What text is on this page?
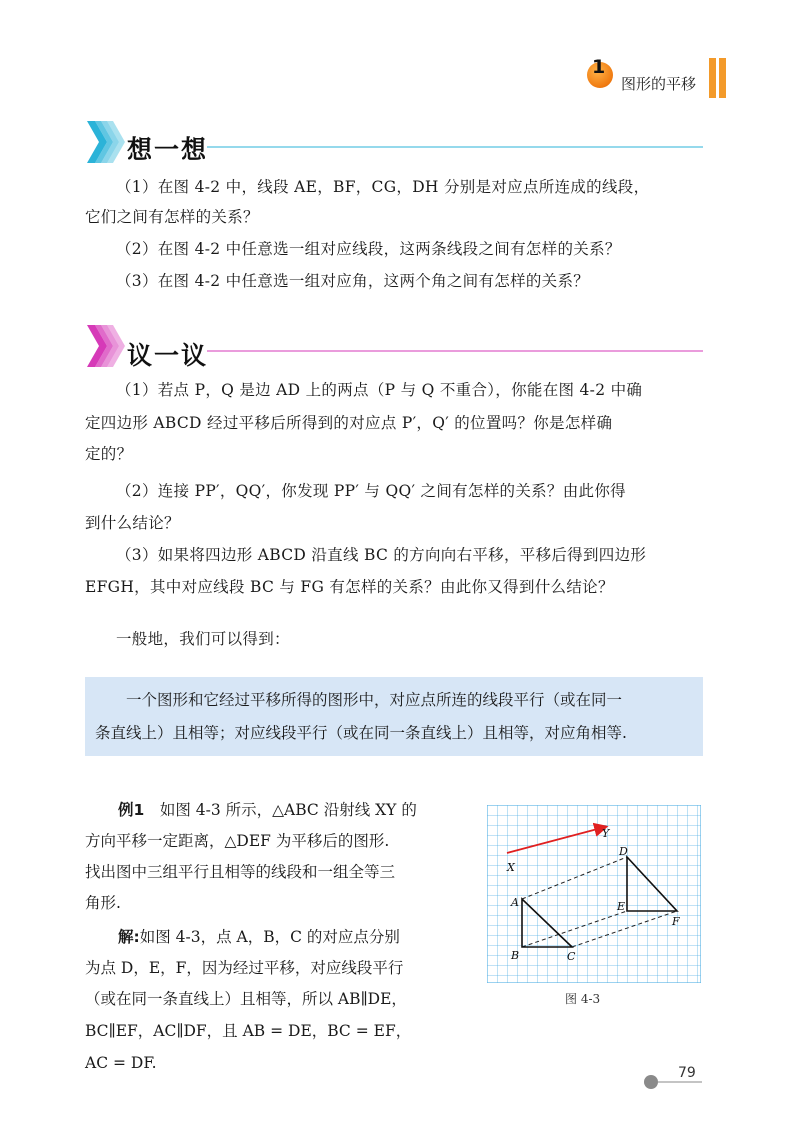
1
图形的平移
想一想
（1）在图 4-2 中，线段 AE，BF，CG，DH 分别是对应点所连成的线段，
它们之间有怎样的关系？
（2）在图 4-2 中任意选一组对应线段，这两条线段之间有怎样的关系？
（3）在图 4-2 中任意选一组对应角，这两个角之间有怎样的关系？
议一议
（1）若点 P，Q 是边 AD 上的两点（P 与 Q 不重合），你能在图 4-2 中确
定四边形 ABCD 经过平移后所得到的对应点 P′，Q′ 的位置吗？你是怎样确
定的？
（2）连接 PP′，QQ′，你发现 PP′ 与 QQ′ 之间有怎样的关系？由此你得
到什么结论？
（3）如果将四边形 ABCD 沿直线 BC 的方向向右平移，平移后得到四边形
EFGH，其中对应线段 BC 与 FG 有怎样的关系？由此你又得到什么结论？
一般地，我们可以得到：
一个图形和它经过平移所得的图形中，对应点所连的线段平行（或在同一
条直线上）且相等；对应线段平行（或在同一条直线上）且相等，对应角相等.
例1　 如图 4-3 所示，△ABC 沿射线 XY 的
方向平移一定距离，△DEF 为平移后的图形.
找出图中三组平行且相等的线段和一组全等三
角形.
解:如图 4-3，点 A，B，C 的对应点分别
为点 D，E，F，因为经过平移，对应线段平行
（或在同一条直线上）且相等，所以 AB∥DE，
BC∥EF，AC∥DF，且 AB = DE，BC = EF，
AC = DF.
X
Y
A
B	C
D
E
F
图 4-3
79
